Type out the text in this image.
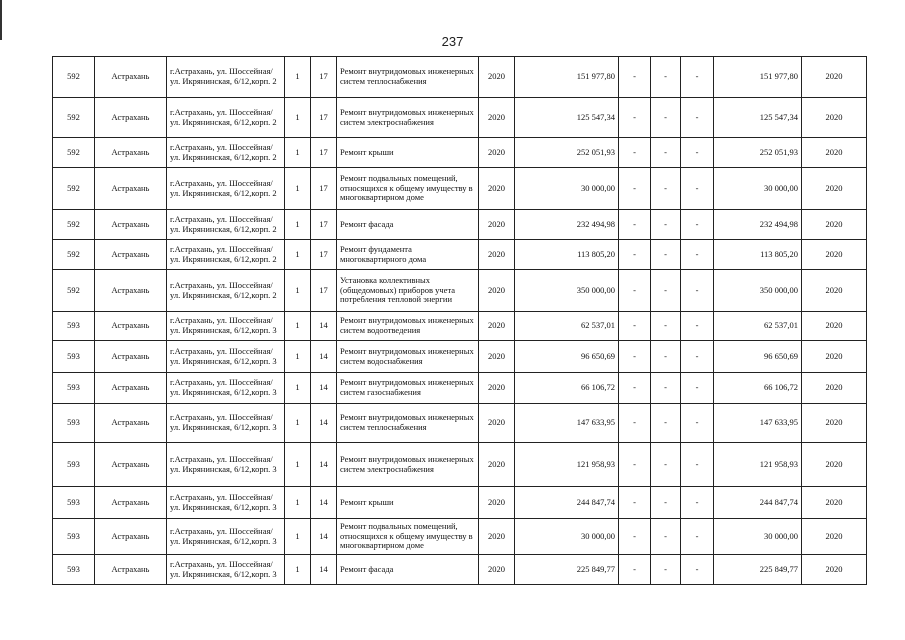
237
592	Астрахань	г.Астрахань, ул. Шоссейная/ ул. Икрянинская, 6/12,корп. 2	1	17	Ремонт внутридомовых инженерных систем теплоснабжения	2020	151 977,80	-	-	-	151 977,80	2020
592	Астрахань	г.Астрахань, ул. Шоссейная/ ул. Икрянинская, 6/12,корп. 2	1	17	Ремонт внутридомовых инженерных систем электроснабжения	2020	125 547,34	-	-	-	125 547,34	2020
592	Астрахань	г.Астрахань, ул. Шоссейная/ ул. Икрянинская, 6/12,корп. 2	1	17	Ремонт крыши	2020	252 051,93	-	-	-	252 051,93	2020
592	Астрахань	г.Астрахань, ул. Шоссейная/ ул. Икрянинская, 6/12,корп. 2	1	17	Ремонт подвальных помещений, относящихся к общему имуществу в многоквартирном доме	2020	30 000,00	-	-	-	30 000,00	2020
592	Астрахань	г.Астрахань, ул. Шоссейная/ ул. Икрянинская, 6/12,корп. 2	1	17	Ремонт фасада	2020	232 494,98	-	-	-	232 494,98	2020
592	Астрахань	г.Астрахань, ул. Шоссейная/ ул. Икрянинская, 6/12,корп. 2	1	17	Ремонт фундамента многоквартирного дома	2020	113 805,20	-	-	-	113 805,20	2020
592	Астрахань	г.Астрахань, ул. Шоссейная/ ул. Икрянинская, 6/12,корп. 2	1	17	Установка коллективных (общедомовых) приборов учета потребления тепловой энергии	2020	350 000,00	-	-	-	350 000,00	2020
593	Астрахань	г.Астрахань, ул. Шоссейная/ ул. Икрянинская, 6/12,корп. 3	1	14	Ремонт внутридомовых инженерных систем водоотведения	2020	62 537,01	-	-	-	62 537,01	2020
593	Астрахань	г.Астрахань, ул. Шоссейная/ ул. Икрянинская, 6/12,корп. 3	1	14	Ремонт внутридомовых инженерных систем водоснабжения	2020	96 650,69	-	-	-	96 650,69	2020
593	Астрахань	г.Астрахань, ул. Шоссейная/ ул. Икрянинская, 6/12,корп. 3	1	14	Ремонт внутридомовых инженерных систем газоснабжения	2020	66 106,72	-	-	-	66 106,72	2020
593	Астрахань	г.Астрахань, ул. Шоссейная/ ул. Икрянинская, 6/12,корп. 3	1	14	Ремонт внутридомовых инженерных систем теплоснабжения	2020	147 633,95	-	-	-	147 633,95	2020
593	Астрахань	г.Астрахань, ул. Шоссейная/ ул. Икрянинская, 6/12,корп. 3	1	14	Ремонт внутридомовых инженерных систем электроснабжения	2020	121 958,93	-	-	-	121 958,93	2020
593	Астрахань	г.Астрахань, ул. Шоссейная/ ул. Икрянинская, 6/12,корп. 3	1	14	Ремонт крыши	2020	244 847,74	-	-	-	244 847,74	2020
593	Астрахань	г.Астрахань, ул. Шоссейная/ ул. Икрянинская, 6/12,корп. 3	1	14	Ремонт подвальных помещений, относящихся к общему имуществу в многоквартирном доме	2020	30 000,00	-	-	-	30 000,00	2020
593	Астрахань	г.Астрахань, ул. Шоссейная/ ул. Икрянинская, 6/12,корп. 3	1	14	Ремонт фасада	2020	225 849,77	-	-	-	225 849,77	2020
